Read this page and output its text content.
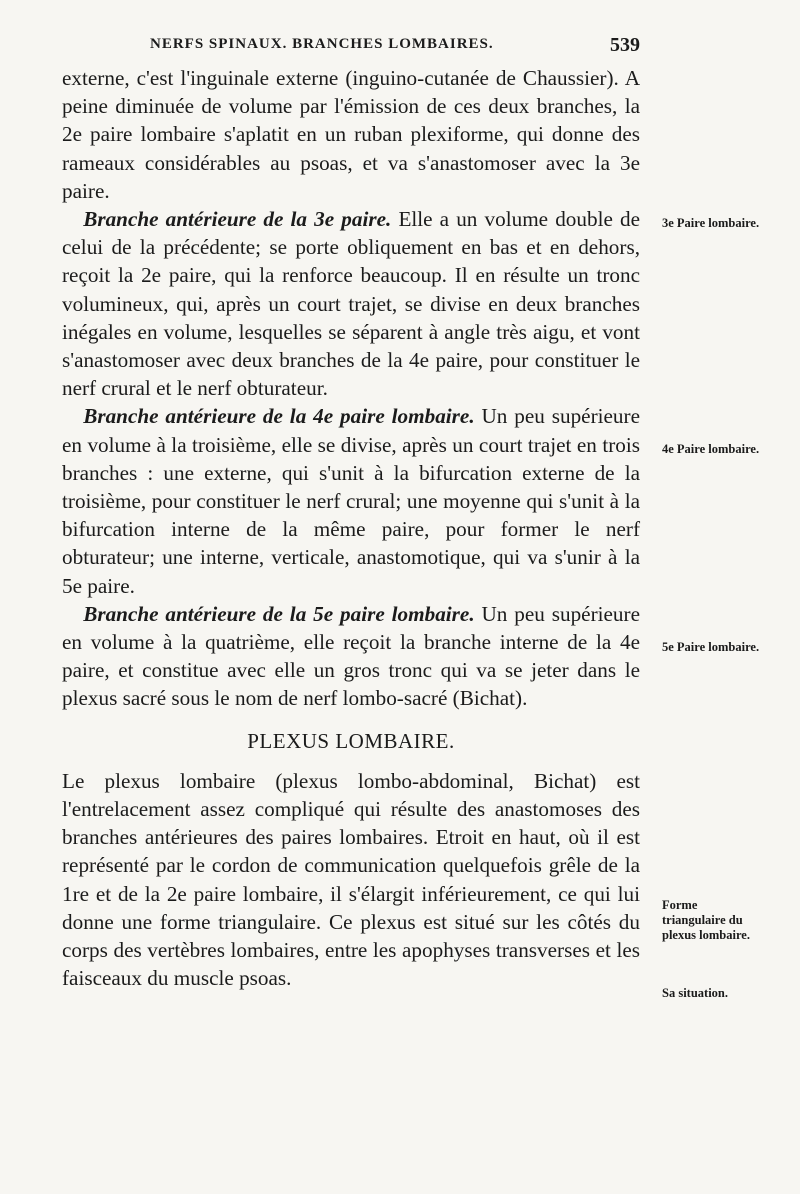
NERFS SPINAUX. BRANCHES LOMBAIRES.	539

externe, c'est l'inguinale externe (inguino-cutanée de Chaussier). A peine diminuée de volume par l'émission de ces deux branches, la 2e paire lombaire s'aplatit en un ruban plexiforme, qui donne des rameaux considérables au psoas, et va s'anastomoser avec la 3e paire.

 Branche antérieure de la 3e paire. Elle a un volume double de celui de la précédente; se porte obliquement en bas et en dehors, reçoit la 2e paire, qui la renforce beaucoup. Il en résulte un tronc volumineux, qui, après un court trajet, se divise en deux branches inégales en volume, lesquelles se séparent à angle très aigu, et vont s'anastomoser avec deux branches de la 4e paire, pour constituer le nerf crural et le nerf obturateur.

 Branche antérieure de la 4e paire lombaire. Un peu supérieure en volume à la troisième, elle se divise, après un court trajet en trois branches : une externe, qui s'unit à la bifurcation externe de la troisième, pour constituer le nerf crural; une moyenne qui s'unit à la bifurcation interne de la même paire, pour former le nerf obturateur; une interne, verticale, anastomotique, qui va s'unir à la 5e paire.

 Branche antérieure de la 5e paire lombaire. Un peu supérieure en volume à la quatrième, elle reçoit la branche interne de la 4e paire, et constitue avec elle un gros tronc qui va se jeter dans le plexus sacré sous le nom de nerf lombo-sacré (Bichat).

PLEXUS LOMBAIRE.

Le plexus lombaire (plexus lombo-abdominal, Bichat) est l'entrelacement assez compliqué qui résulte des anastomoses des branches antérieures des paires lombaires. Etroit en haut, où il est représenté par le cordon de communication quelquefois grêle de la 1re et de la 2e paire lombaire, il s'élargit inférieurement, ce qui lui donne une forme triangulaire. Ce plexus est situé sur les côtés du corps des vertèbres lombaires, entre les apophyses transverses et les faisceaux du muscle psoas.

3e Paire lombaire.
4e Paire lombaire.
5e Paire lombaire.
Forme triangulaire du plexus lombaire.
Sa situation.
